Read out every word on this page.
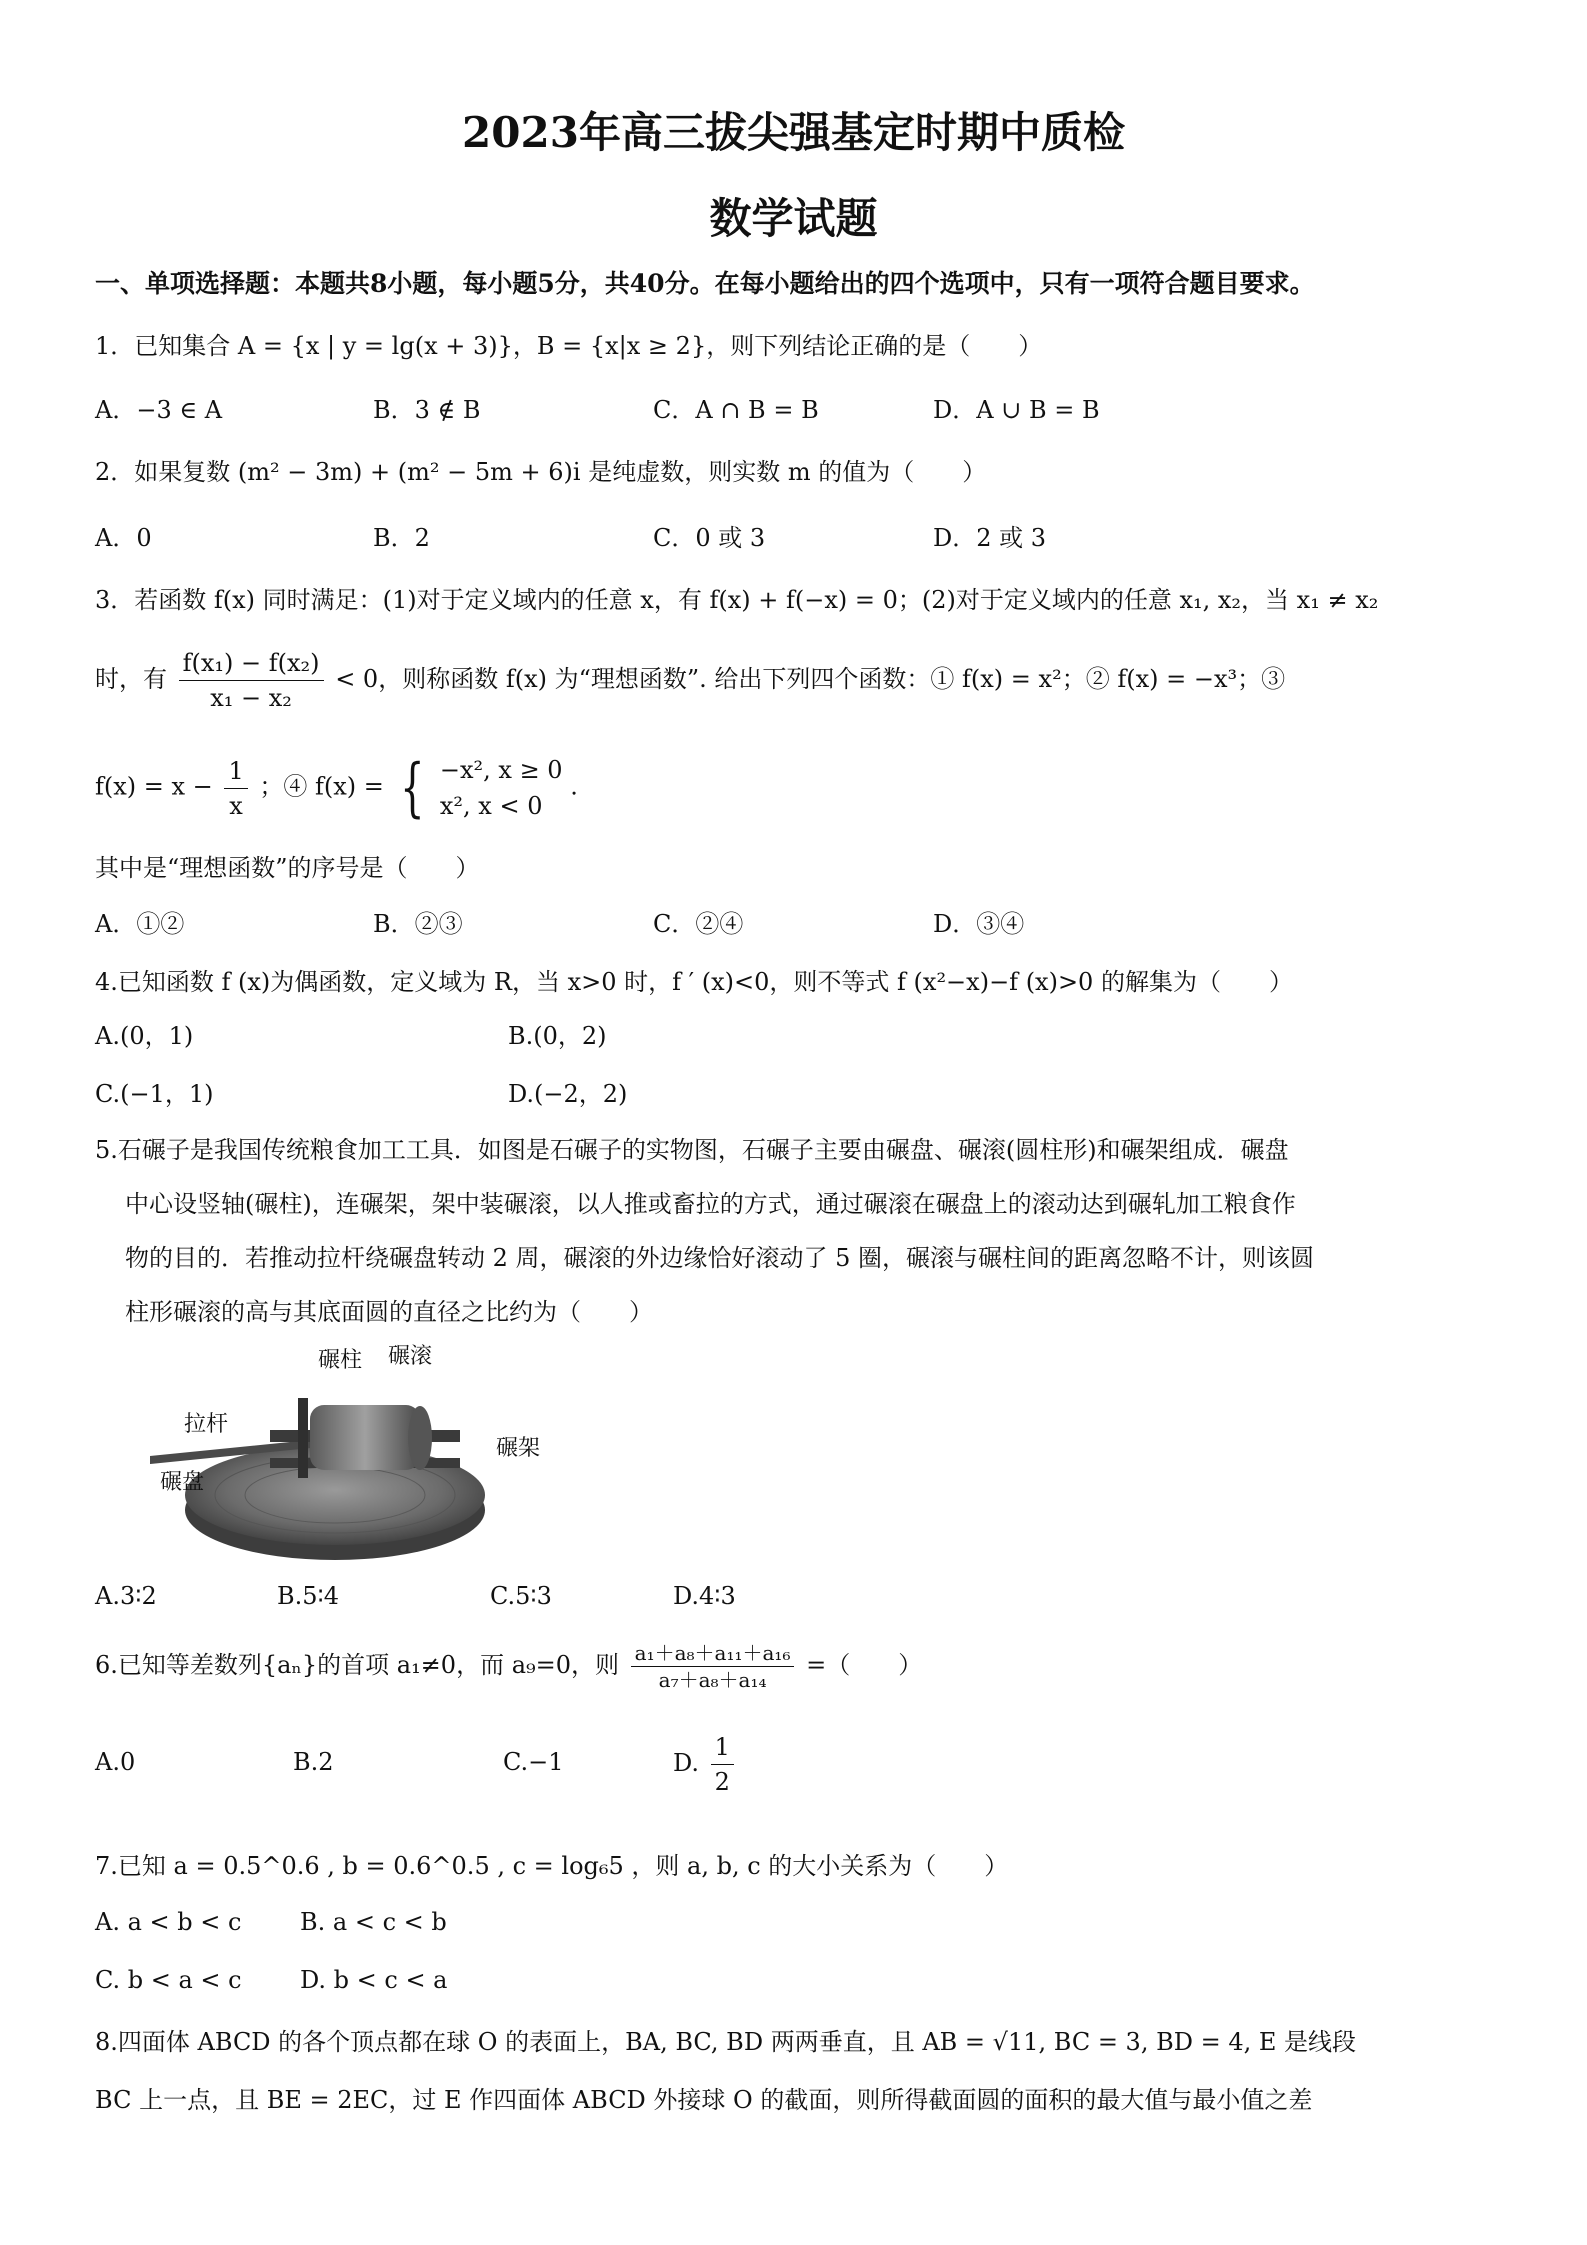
2023年高三拔尖强基定时期中质检
数学试题
一、单项选择题：本题共8小题，每小题5分，共40分。在每小题给出的四个选项中，只有一项符合题目要求。
1．已知集合 A = {x | y = lg(x + 3)}，B = {x|x ≥ 2}，则下列结论正确的是（　　）
A．−3 ∈ A	B．3 ∉ B	C．A ∩ B = B	D．A ∪ B = B
2．如果复数 (m² − 3m) + (m² − 5m + 6)i 是纯虚数，则实数 m 的值为（　　）
A．0	B．2	C．0 或 3	D．2 或 3
3．若函数 f(x) 同时满足：(1)对于定义域内的任意 x，有 f(x) + f(−x) = 0；(2)对于定义域内的任意 x₁, x₂，当 x₁ ≠ x₂
时，有 $\frac{\text{f(x₁) − f(x₂)}}{\text{x₁ − x₂}} < 0$，则称函数 f(x) 为“理想函数”. 给出下列四个函数：① f(x) = x²；② f(x) = −x³；③
$f(x) = x - \frac{1}{x}$ ；④ f(x) = { −x², x ≥ 0
x², x < 0
.
其中是“理想函数”的序号是（　　）
A．①②	B．②③	C．②④	D．③④
4.已知函数 f (x)为偶函数，定义域为 R，当 x>0 时，f ′ (x)<0，则不等式 f (x²−x)−f (x)>0 的解集为（　　）
A.(0，1)	B.(0，2)
C.(−1，1)	D.(−2，2)
5.石碾子是我国传统粮食加工工具．如图是石碾子的实物图，石碾子主要由碾盘、碾滚(圆柱形)和碾架组成．碾盘
中心设竖轴(碾柱)，连碾架，架中装碾滚，以人推或畜拉的方式，通过碾滚在碾盘上的滚动达到碾轧加工粮食作
物的目的．若推动拉杆绕碾盘转动 2 周，碾滚的外边缘恰好滚动了 5 圈，碾滚与碾柱间的距离忽略不计，则该圆
柱形碾滚的高与其底面圆的直径之比约为（　　）
碾柱 碾滚
拉杆
碾架
碾盘
A.3∶2	B.5∶4	C.5∶3	D.4∶3
6.已知等差数列{aₙ}的首项 a₁≠0，而 a₉=0，则 $\frac{\text{a₁＋a₈＋a₁₁＋a₁₆}}{\text{a₇＋a₈＋a₁₄}}$ =（　　）
A.0	B.2	C.−1	D. $\frac{1}{2}$
7.已知 a = 0.5^0.6 , b = 0.6^0.5 , c = log₆5 ，则 a, b, c 的大小关系为（　　）
A. a < b < c B. a < c < b
C. b < a < c D. b < c < a
8.四面体 ABCD 的各个顶点都在球 O 的表面上，BA, BC, BD 两两垂直，且 AB = √11, BC = 3, BD = 4, E 是线段
BC 上一点，且 BE = 2EC，过 E 作四面体 ABCD 外接球 O 的截面，则所得截面圆的面积的最大值与最小值之差
